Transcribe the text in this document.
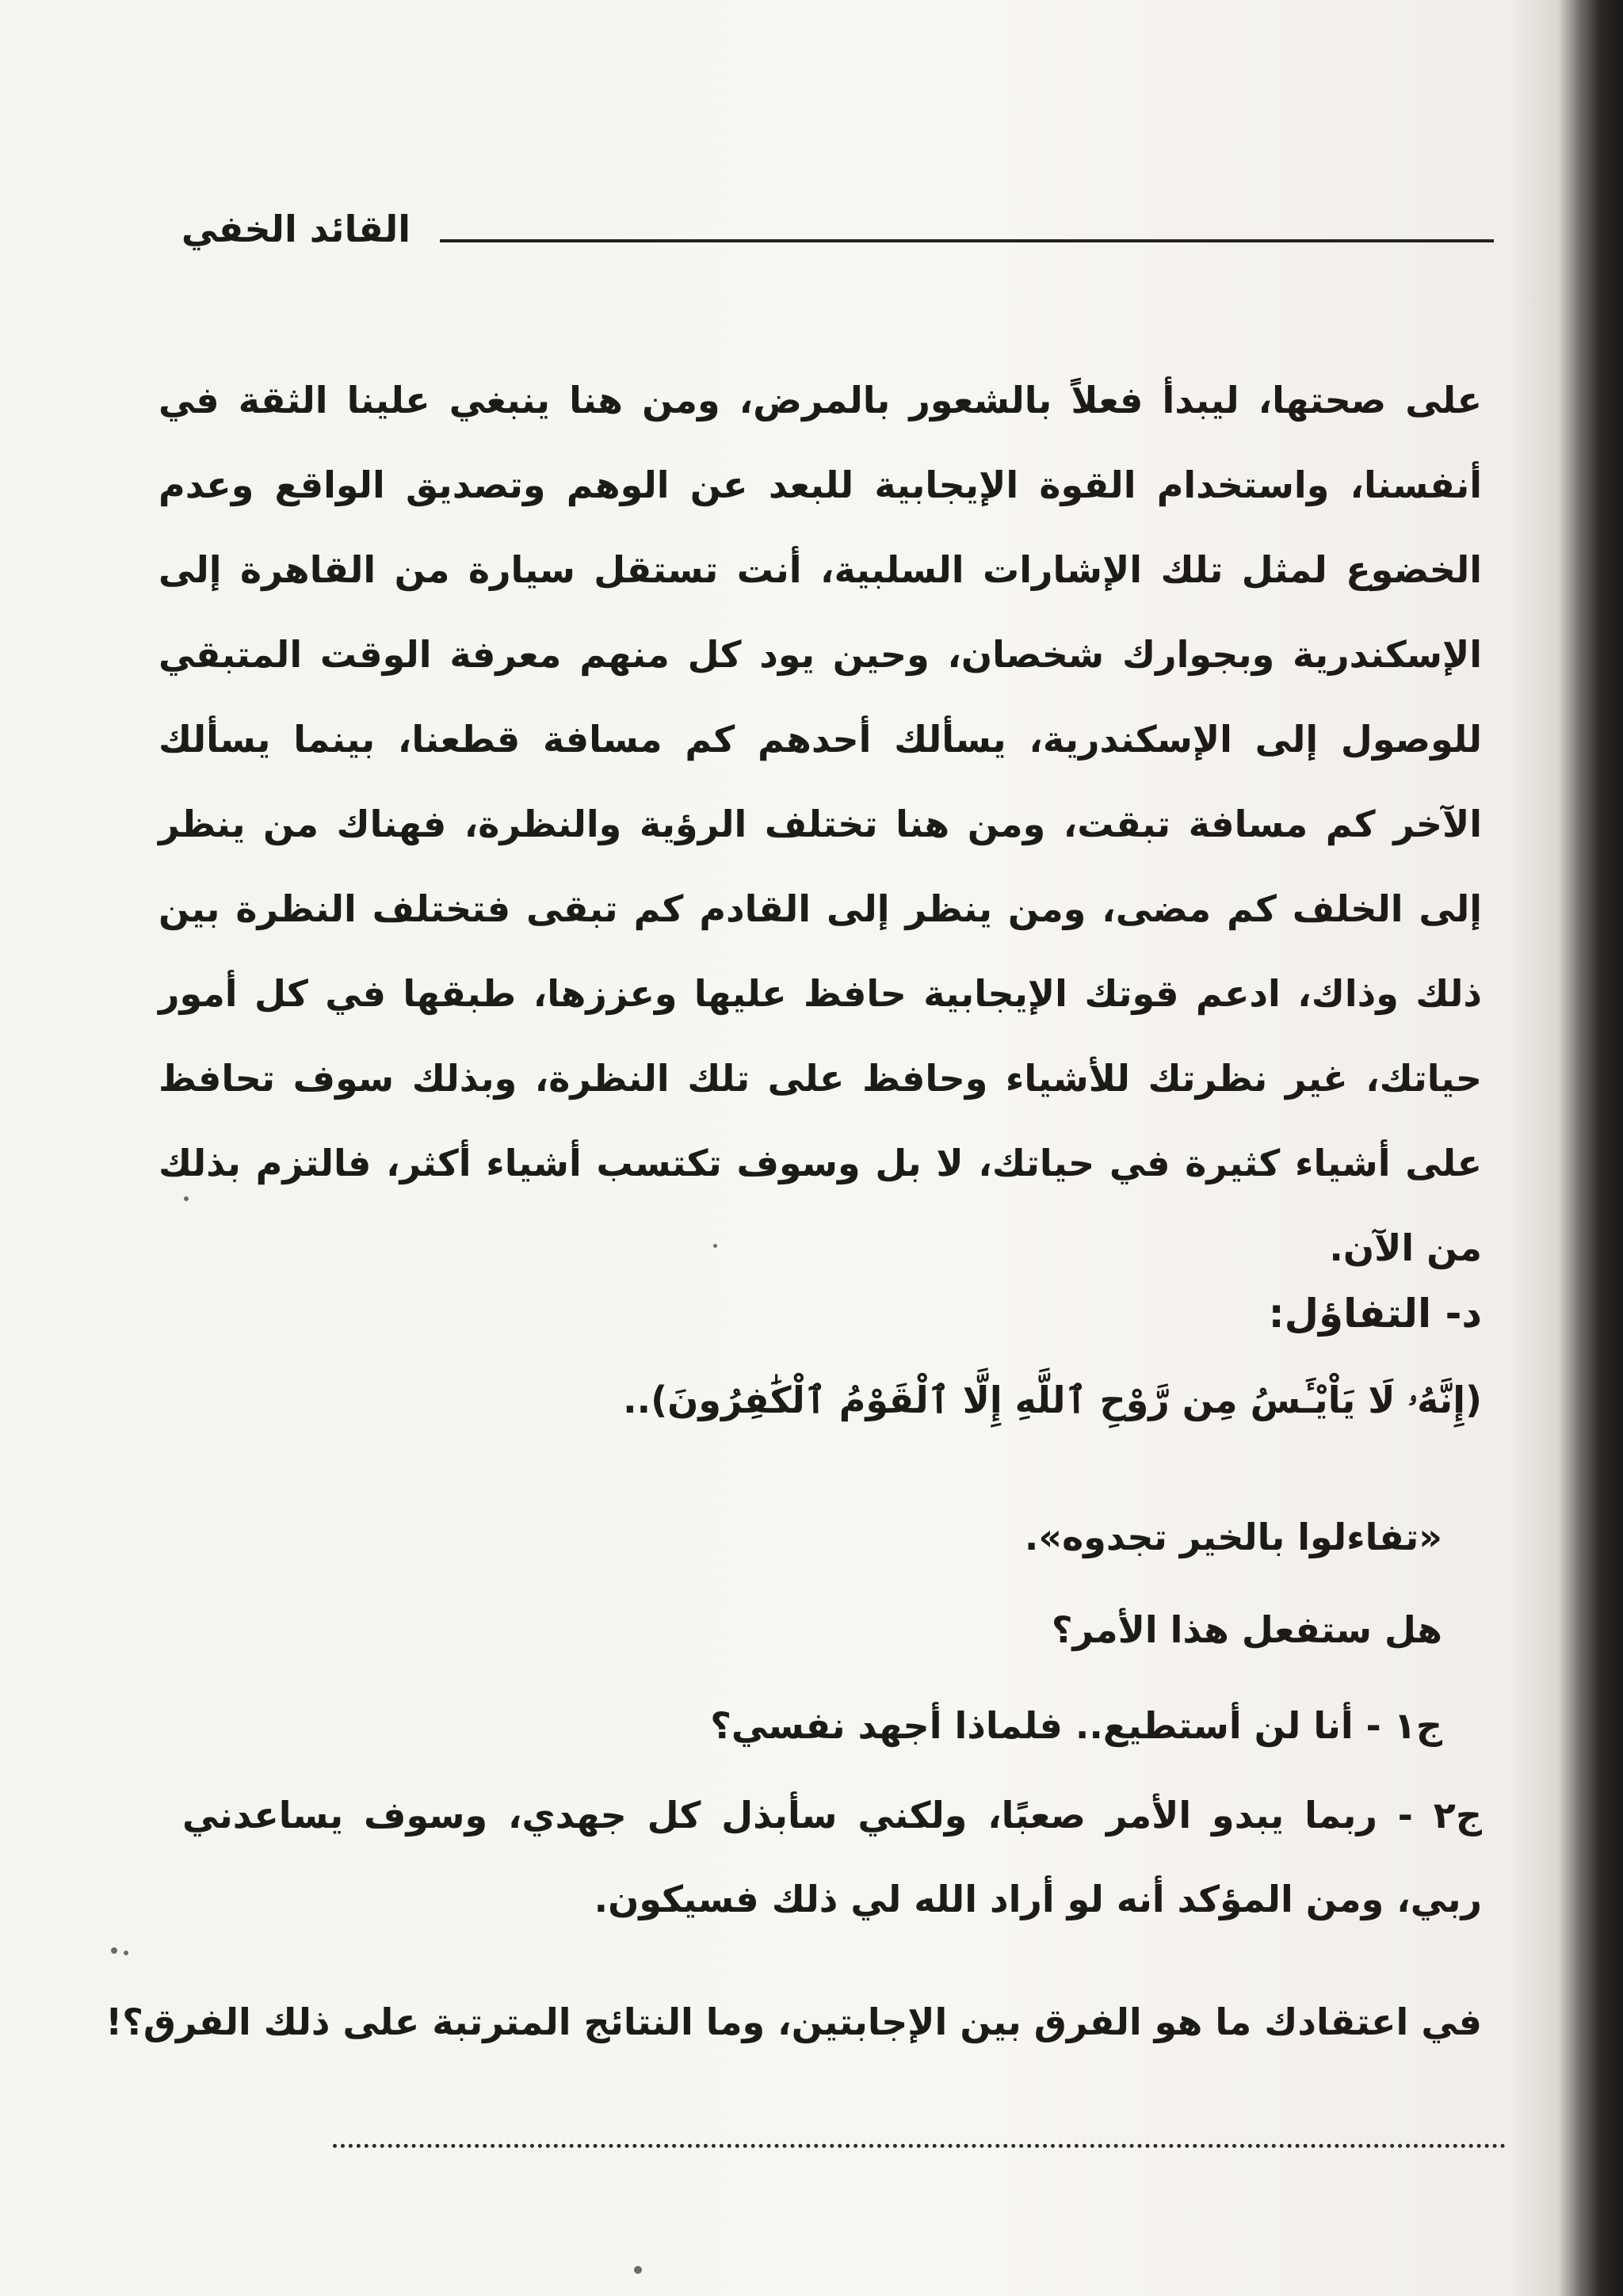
القائد الخفي

على صحتها، ليبدأ فعلاً بالشعور بالمرض، ومن هنا ينبغي علينا الثقة في أنفسنا، واستخدام القوة الإيجابية للبعد عن الوهم وتصديق الواقع وعدم الخضوع لمثل تلك الإشارات السلبية، أنت تستقل سيارة من القاهرة إلى الإسكندرية وبجوارك شخصان، وحين يود كل منهم معرفة الوقت المتبقي للوصول إلى الإسكندرية، يسألك أحدهم كم مسافة قطعنا، بينما يسألك الآخر كم مسافة تبقت، ومن هنا تختلف الرؤية والنظرة، فهناك من ينظر إلى الخلف كم مضى، ومن ينظر إلى القادم كم تبقى فتختلف النظرة بين ذلك وذاك، ادعم قوتك الإيجابية حافظ عليها وعززها، طبقها في كل أمور حياتك، غير نظرتك للأشياء وحافظ على تلك النظرة، وبذلك سوف تحافظ على أشياء كثيرة في حياتك، لا بل وسوف تكتسب أشياء أكثر، فالتزم بذلك من الآن.

د- التفاؤل:

(إِنَّهُۥ لَا يَاْيْـَٔسُ مِن رَّوْحِ ٱللَّهِ إِلَّا ٱلْقَوْمُ ٱلْكَٰفِرُونَ)..

«تفاءلوا بالخير تجدوه».

هل ستفعل هذا الأمر؟

ج١ - أنا لن أستطيع.. فلماذا أجهد نفسي؟

ج٢ - ربما يبدو الأمر صعبًا، ولكني سأبذل كل جهدي، وسوف يساعدني ربي، ومن المؤكد أنه لو أراد الله لي ذلك فسيكون.

في اعتقادك ما هو الفرق بين الإجابتين، وما النتائج المترتبة على ذلك الفرق؟!
